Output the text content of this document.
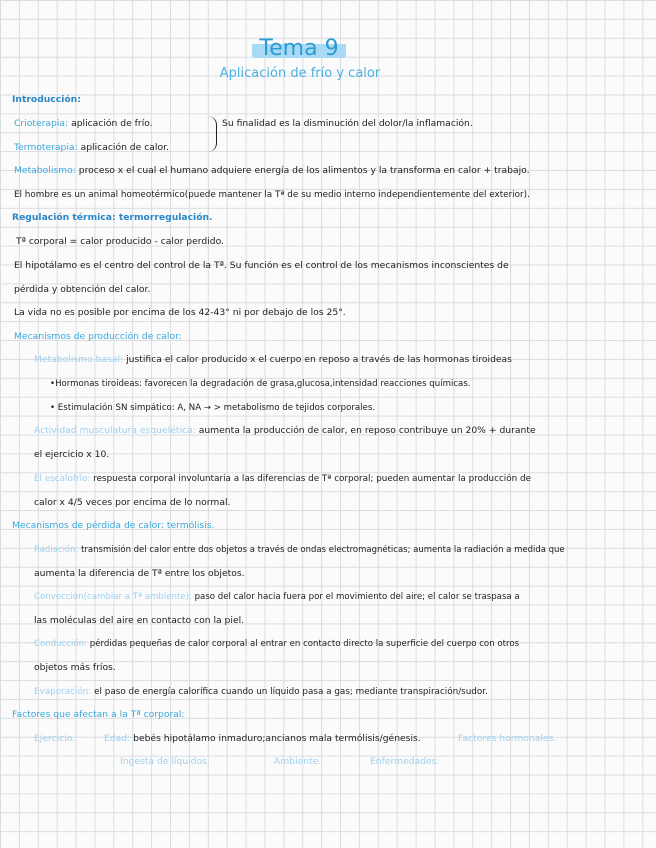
Tema 9
Aplicación de frío y calor
Introducción:
Crioterapia: aplicación de frío.	Su finalidad es la disminución del dolor/la inflamación.
Termoterapia: aplicación de calor.
Metabolismo: proceso x el cual el humano adquiere energía de los alimentos y la transforma en calor + trabajo.
El hombre es un animal homeotérmico(puede mantener la Tª de su medio interno independientemente del exterior).
Regulación térmica: termorregulación.
Tª corporal = calor producido - calor perdido.
El hipotálamo es el centro del control de la Tª. Su función es el control de los mecanismos inconscientes de
pérdida y obtención del calor.
La vida no es posible por encima de los 42-43° ni por debajo de los 25°.
Mecanismos de producción de calor:
Metabolismo basal: justifica el calor producido x el cuerpo en reposo a través de las hormonas tiroideas
•Hormonas tiroideas: favorecen la degradación de grasa,glucosa,intensidad reacciones químicas.
• Estimulación SN simpático: A, NA → > metabolismo de tejidos corporales.
Actividad musculatura esquelética: aumenta la producción de calor, en reposo contribuye un 20% + durante
el ejercicio x 10.
El escalofrío: respuesta corporal involuntaria a las diferencias de Tª corporal; pueden aumentar la producción de
calor x 4/5 veces por encima de lo normal.
Mecanismos de pérdida de calor: termólisis.
Radiación: transmisión del calor entre dos objetos a través de ondas electromagnéticas; aumenta la radiación a medida que
aumenta la diferencia de Tª entre los objetos.
Convección(cambiar a Tª ambiente): paso del calor hacia fuera por el movimiento del aire; el calor se traspasa a
las moléculas del aire en contacto con la piel.
Conducción: pérdidas pequeñas de calor corporal al entrar en contacto directo la superficie del cuerpo con otros
objetos más fríos.
Evaporación: el paso de energía calorífica cuando un líquido pasa a gas; mediante transpiración/sudor.
Factores que afectan a la Tª corporal:
Ejercicio.	Edad: bebés hipotálamo inmaduro;ancianos mala termólisis/génesis.	Factores hormonales.
Ingesta de líquidos.	Ambiente.	Enfermedades.
